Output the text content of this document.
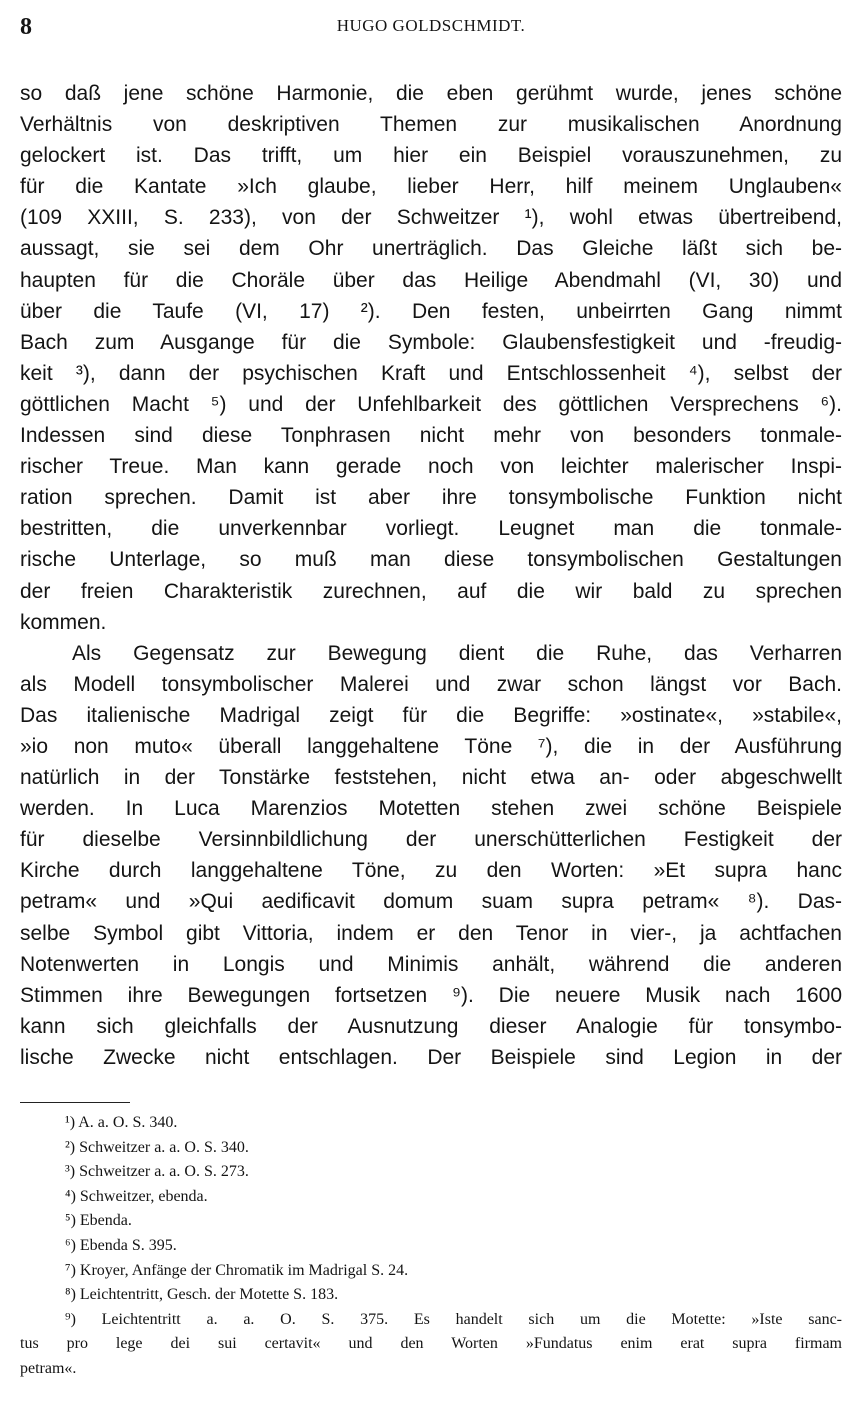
8	HUGO GOLDSCHMIDT.
so daß jene schöne Harmonie, die eben gerühmt wurde, jenes schöne
Verhältnis von deskriptiven Themen zur musikalischen Anordnung
gelockert ist. Das trifft, um hier ein Beispiel vorauszunehmen, zu
für die Kantate »Ich glaube, lieber Herr, hilf meinem Unglauben«
(109 XXIII, S. 233), von der Schweitzer ¹), wohl etwas übertreibend,
aussagt, sie sei dem Ohr unerträglich. Das Gleiche läßt sich be-
haupten für die Choräle über das Heilige Abendmahl (VI, 30) und
über die Taufe (VI, 17) ²). Den festen, unbeirrten Gang nimmt
Bach zum Ausgange für die Symbole: Glaubensfestigkeit und -freudig-
keit ³), dann der psychischen Kraft und Entschlossenheit ⁴), selbst der
göttlichen Macht ⁵) und der Unfehlbarkeit des göttlichen Versprechens ⁶).
Indessen sind diese Tonphrasen nicht mehr von besonders tonmale-
rischer Treue. Man kann gerade noch von leichter malerischer Inspi-
ration sprechen. Damit ist aber ihre tonsymbolische Funktion nicht
bestritten, die unverkennbar vorliegt. Leugnet man die tonmale-
rische Unterlage, so muß man diese tonsymbolischen Gestaltungen
der freien Charakteristik zurechnen, auf die wir bald zu sprechen
kommen.
Als Gegensatz zur Bewegung dient die Ruhe, das Verharren
als Modell tonsymbolischer Malerei und zwar schon längst vor Bach.
Das italienische Madrigal zeigt für die Begriffe: »ostinate«, »stabile«,
»io non muto« überall langgehaltene Töne ⁷), die in der Ausführung
natürlich in der Tonstärke feststehen, nicht etwa an- oder abgeschwellt
werden. In Luca Marenzios Motetten stehen zwei schöne Beispiele
für dieselbe Versinnbildlichung der unerschütterlichen Festigkeit der
Kirche durch langgehaltene Töne, zu den Worten: »Et supra hanc
petram« und »Qui aedificavit domum suam supra petram« ⁸). Das-
selbe Symbol gibt Vittoria, indem er den Tenor in vier-, ja achtfachen
Notenwerten in Longis und Minimis anhält, während die anderen
Stimmen ihre Bewegungen fortsetzen ⁹). Die neuere Musik nach 1600
kann sich gleichfalls der Ausnutzung dieser Analogie für tonsymbo-
lische Zwecke nicht entschlagen. Der Beispiele sind Legion in der
¹) A. a. O. S. 340.
²) Schweitzer a. a. O. S. 340.
³) Schweitzer a. a. O. S. 273.
⁴) Schweitzer, ebenda.
⁵) Ebenda.
⁶) Ebenda S. 395.
⁷) Kroyer, Anfänge der Chromatik im Madrigal S. 24.
⁸) Leichtentritt, Gesch. der Motette S. 183.
⁹) Leichtentritt a. a. O. S. 375. Es handelt sich um die Motette: »Iste sanc-
tus pro lege dei sui certavit« und den Worten »Fundatus enim erat supra firmam
petram«.
